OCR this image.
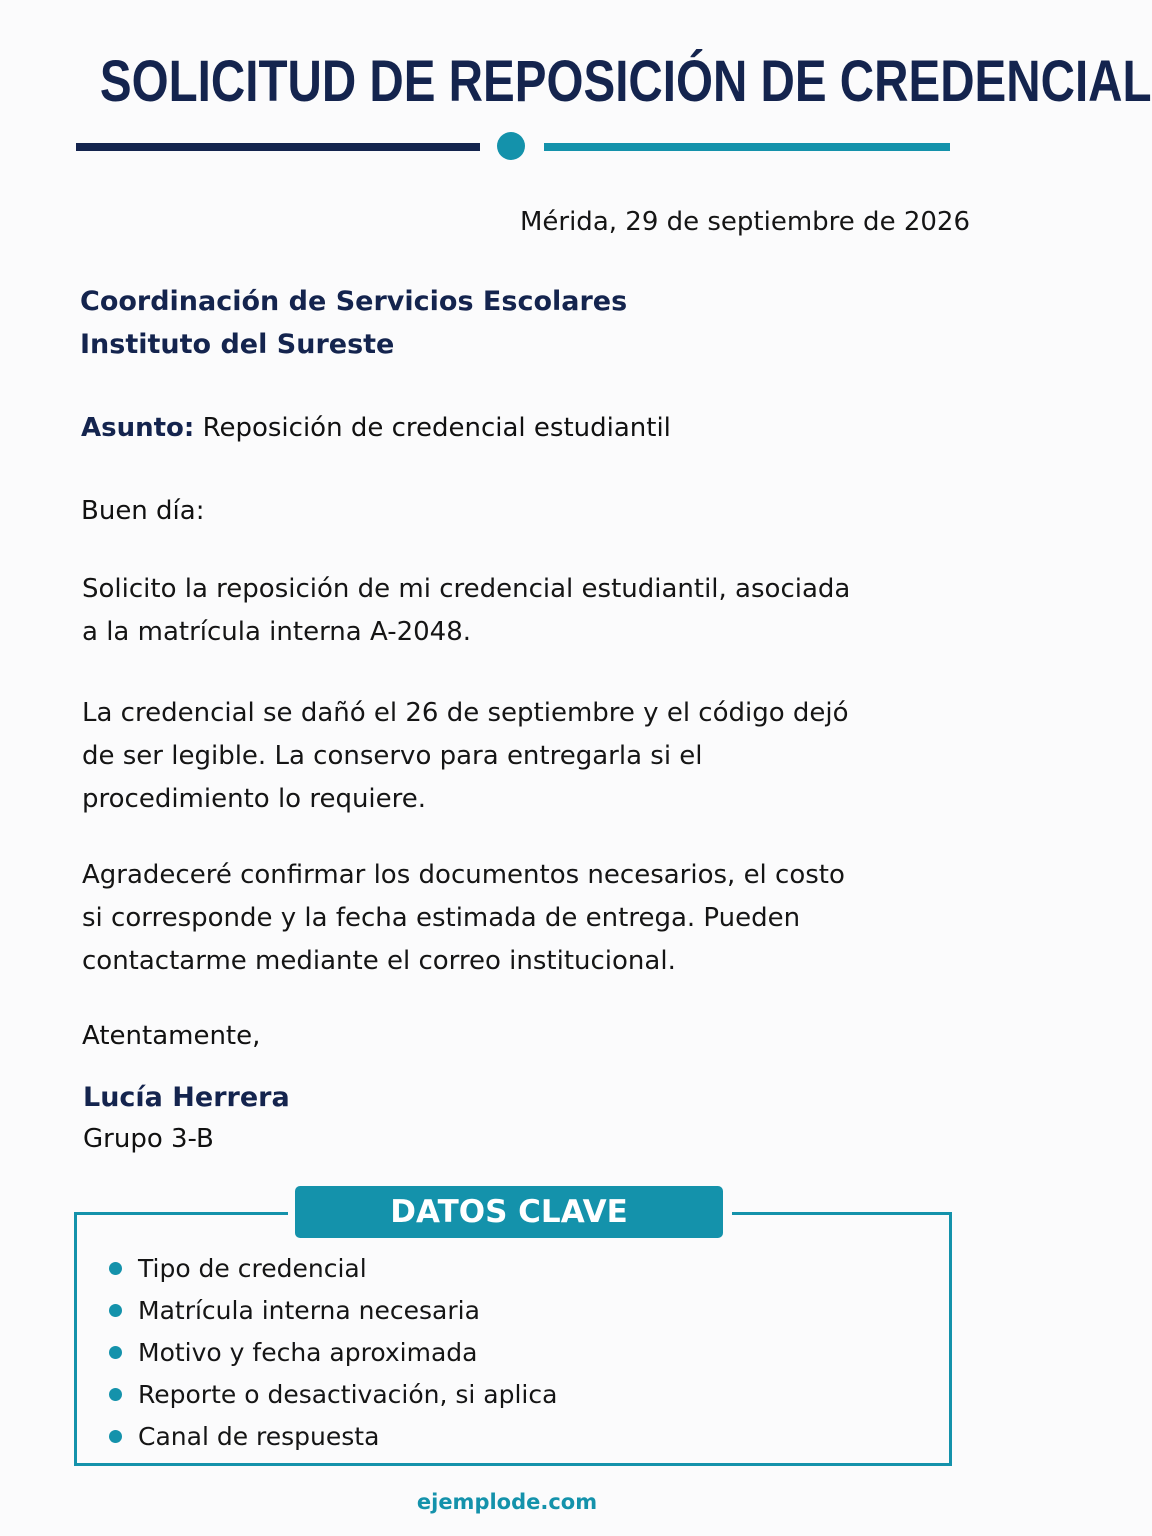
SOLICITUD DE REPOSICIÓN DE CREDENCIAL
Mérida, 29 de septiembre de 2026
Coordinación de Servicios Escolares
Instituto del Sureste
Asunto: Reposición de credencial estudiantil
Buen día:

Solicito la reposición de mi credencial estudiantil, asociada a la matrícula interna A-2048.

La credencial se dañó el 26 de septiembre y el código dejó de ser legible. La conservo para entregarla si el procedimiento lo requiere.

Agradeceré confirmar los documentos necesarios, el costo si corresponde y la fecha estimada de entrega. Pueden contactarme mediante el correo institucional.

Atentamente,
Lucía Herrera
Grupo 3-B
DATOS CLAVE
Tipo de credencial
Matrícula interna necesaria
Motivo y fecha aproximada
Reporte o desactivación, si aplica
Canal de respuesta
ejemplode.com
